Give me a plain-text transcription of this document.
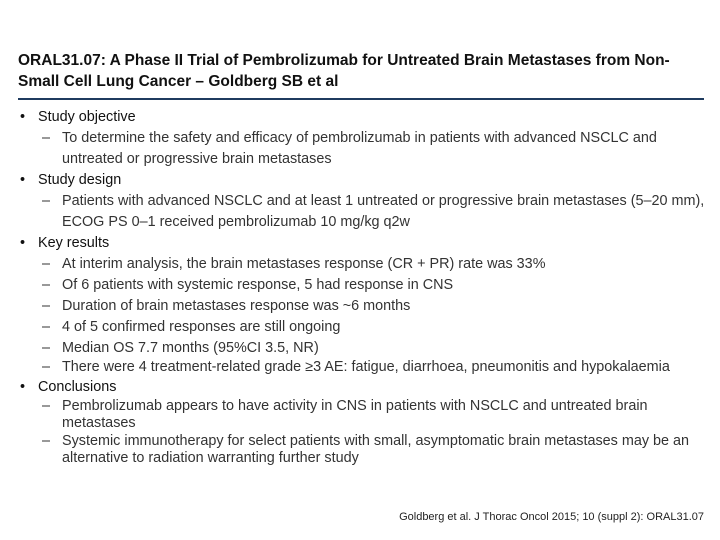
ORAL31.07: A Phase II Trial of Pembrolizumab for Untreated Brain Metastases from Non-Small Cell Lung Cancer – Goldberg SB et al
• Study objective
– To determine the safety and efficacy of pembrolizumab in patients with advanced NSCLC and untreated or progressive brain metastases
• Study design
– Patients with advanced NSCLC and at least 1 untreated or progressive brain metastases (5–20 mm), ECOG PS 0–1 received pembrolizumab 10 mg/kg q2w
• Key results
– At interim analysis, the brain metastases response (CR + PR) rate was 33%
– Of 6 patients with systemic response, 5 had response in CNS
– Duration of brain metastases response was ~6 months
– 4 of 5 confirmed responses are still ongoing
– Median OS 7.7 months (95%CI 3.5, NR)
– There were 4 treatment-related grade ≥3 AE: fatigue, diarrhoea, pneumonitis and hypokalaemia
• Conclusions
– Pembrolizumab appears to have activity in CNS in patients with NSCLC and untreated brain metastases
– Systemic immunotherapy for select patients with small, asymptomatic brain metastases may be an alternative to radiation warranting further study
Goldberg et al. J Thorac Oncol 2015; 10 (suppl 2): ORAL31.07
